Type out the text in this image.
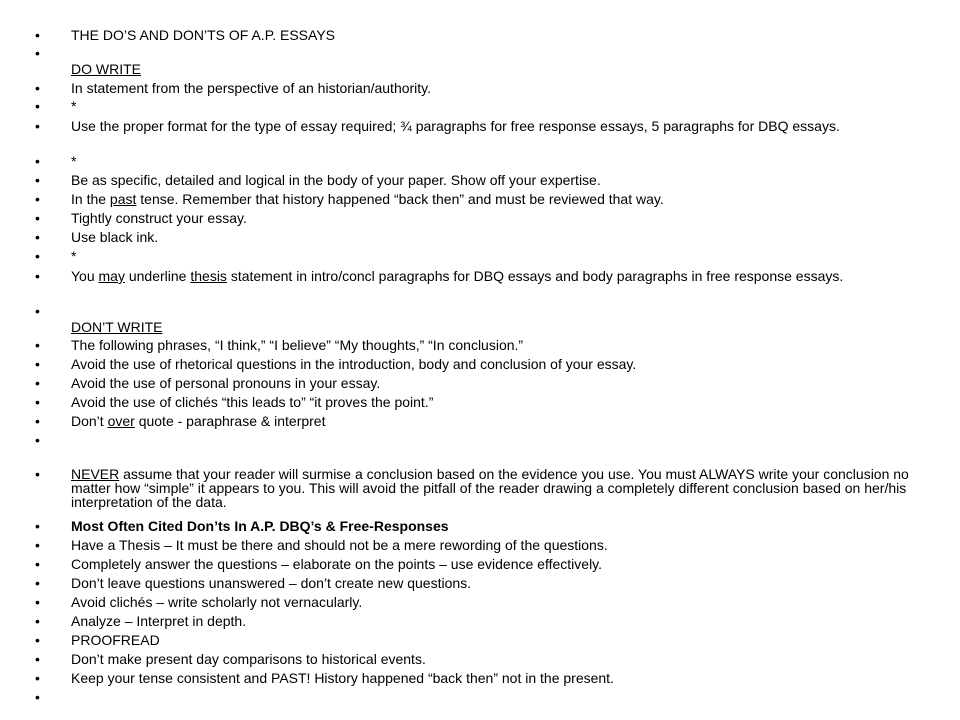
• THE DO’S AND DON’TS OF A.P. ESSAYS
•
DO WRITE
• In statement from the perspective of an historian/authority.
• *
• Use the proper format for the type of essay required; ¾ paragraphs for free response essays, 5 paragraphs for DBQ essays.
• *
• Be as specific, detailed and logical in the body of your paper. Show off your expertise.
• In the past tense. Remember that history happened “back then” and must be reviewed that way.
• Tightly construct your essay.
• Use black ink.
• *
• You may underline thesis statement in intro/concl paragraphs for DBQ essays and body paragraphs in free response essays.
•
DON’T WRITE
• The following phrases, “I think,” “I believe” “My thoughts,” “In conclusion.”
• Avoid the use of rhetorical questions in the introduction, body and conclusion of your essay.
• Avoid the use of personal pronouns in your essay.
• Avoid the use of clichés “this leads to” “it proves the point.”
• Don’t over quote - paraphrase & interpret
•
• NEVER assume that your reader will surmise a conclusion based on the evidence you use. You must ALWAYS write your conclusion no matter how “simple” it appears to you. This will avoid the pitfall of the reader drawing a completely different conclusion based on her/his interpretation of the data.
• Most Often Cited Don’ts In A.P. DBQ’s & Free-Responses
• Have a Thesis – It must be there and should not be a mere rewording of the questions.
• Completely answer the questions – elaborate on the points – use evidence effectively.
• Don’t leave questions unanswered – don’t create new questions.
• Avoid clichés – write scholarly not vernacularly.
• Analyze – Interpret in depth.
• PROOFREAD
• Don’t make present day comparisons to historical events.
• Keep your tense consistent and PAST! History happened “back then” not in the present.
•
